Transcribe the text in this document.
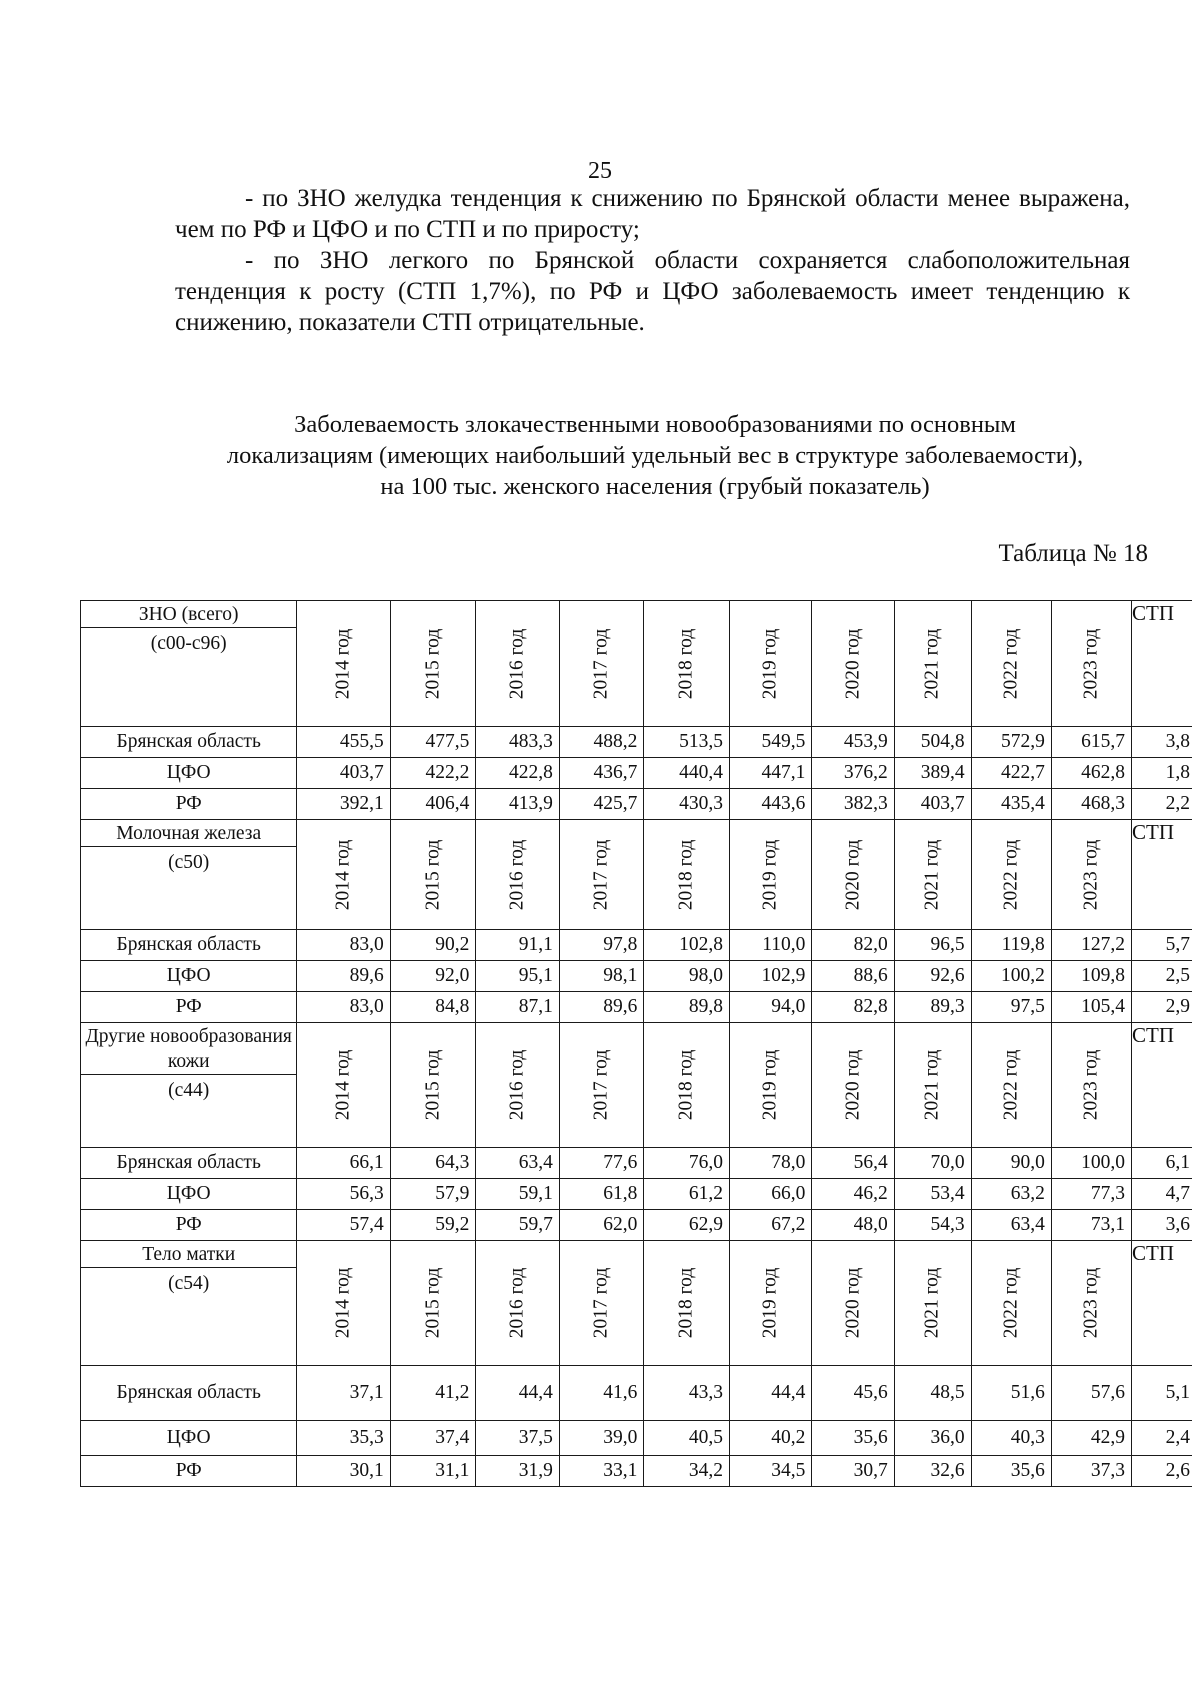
25

- по ЗНО желудка тенденция к снижению по Брянской области менее выражена, чем по РФ и ЦФО и по СТП и по приросту;

- по ЗНО легкого по Брянской области сохраняется слабоположительная тенденция к росту (СТП 1,7%), по РФ и ЦФО заболеваемость имеет тенденцию к снижению, показатели СТП отрицательные.

Заболеваемость злокачественными новообразованиями по основным
локализациям (имеющих наибольший удельный вес в структуре заболеваемости),
на 100 тыс. женского населения (грубый показатель)
Таблица № 18
ЗНО (всего)
(с00-с96)	2014 год	2015 год	2016 год	2017 год	2018 год	2019 год	2020 год	2021 год	2022 год	2023 год	СТП
Брянская область	455,5	477,5	483,3	488,2	513,5	549,5	453,9	504,8	572,9	615,7	3,8
ЦФО	403,7	422,2	422,8	436,7	440,4	447,1	376,2	389,4	422,7	462,8	1,8
РФ	392,1	406,4	413,9	425,7	430,3	443,6	382,3	403,7	435,4	468,3	2,2

Молочная железа
(с50)	2014 год	2015 год	2016 год	2017 год	2018 год	2019 год	2020 год	2021 год	2022 год	2023 год	СТП
Брянская область	83,0	90,2	91,1	97,8	102,8	110,0	82,0	96,5	119,8	127,2	5,7
ЦФО	89,6	92,0	95,1	98,1	98,0	102,9	88,6	92,6	100,2	109,8	2,5
РФ	83,0	84,8	87,1	89,6	89,8	94,0	82,8	89,3	97,5	105,4	2,9

Другие новообразования кожи
(с44)	2014 год	2015 год	2016 год	2017 год	2018 год	2019 год	2020 год	2021 год	2022 год	2023 год	СТП
Брянская область	66,1	64,3	63,4	77,6	76,0	78,0	56,4	70,0	90,0	100,0	6,1
ЦФО	56,3	57,9	59,1	61,8	61,2	66,0	46,2	53,4	63,2	77,3	4,7
РФ	57,4	59,2	59,7	62,0	62,9	67,2	48,0	54,3	63,4	73,1	3,6

Тело матки
(с54)	2014 год	2015 год	2016 год	2017 год	2018 год	2019 год	2020 год	2021 год	2022 год	2023 год	СТП
Брянская область	37,1	41,2	44,4	41,6	43,3	44,4	45,6	48,5	51,6	57,6	5,1
ЦФО	35,3	37,4	37,5	39,0	40,5	40,2	35,6	36,0	40,3	42,9	2,4
РФ	30,1	31,1	31,9	33,1	34,2	34,5	30,7	32,6	35,6	37,3	2,6
